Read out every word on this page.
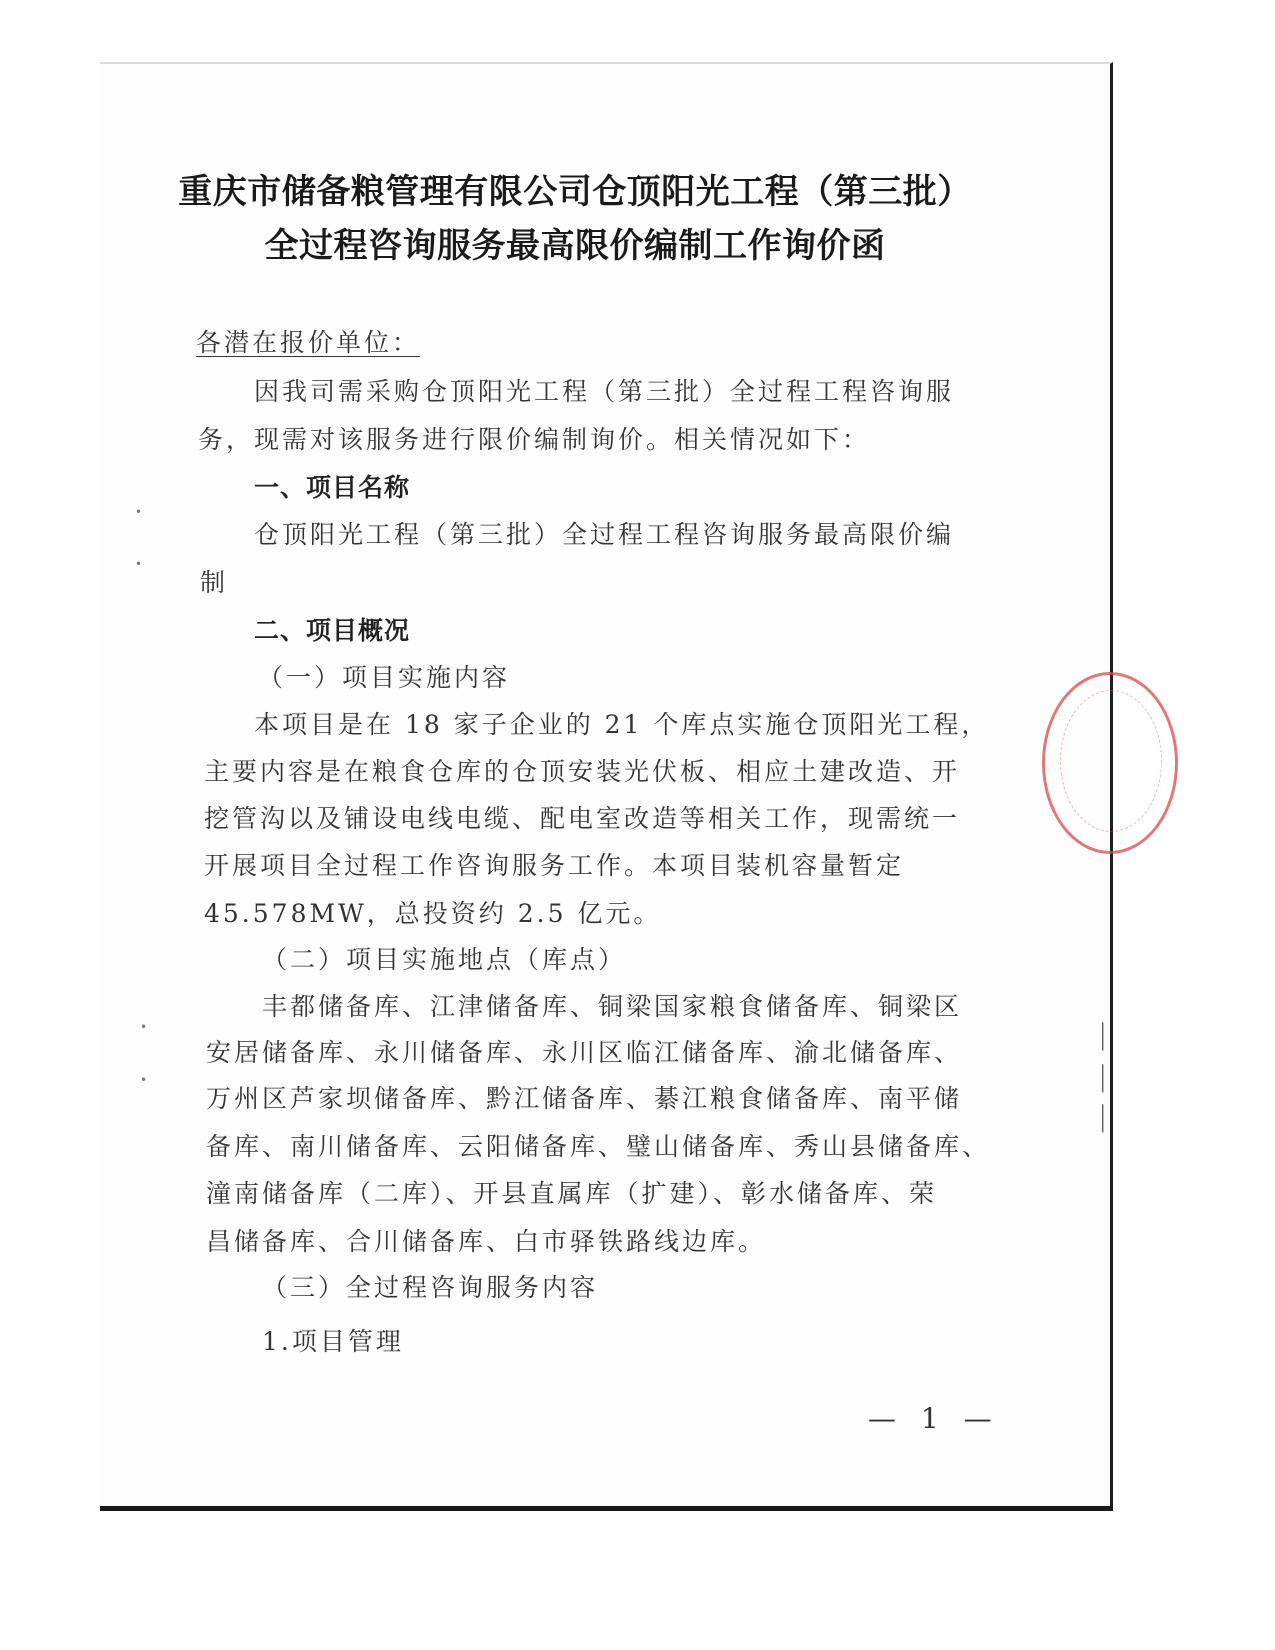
•
•
•
•
|
|
|
重庆市储备粮管理有限公司仓顶阳光工程（第三批）
全过程咨询服务最高限价编制工作询价函
各潜在报价单位：
因我司需采购仓顶阳光工程（第三批）全过程工程咨询服
务，现需对该服务进行限价编制询价。相关情况如下：
一、项目名称
仓顶阳光工程（第三批）全过程工程咨询服务最高限价编
制
二、项目概况
（一）项目实施内容
本项目是在 18 家子企业的 21 个库点实施仓顶阳光工程，
主要内容是在粮食仓库的仓顶安装光伏板、相应土建改造、开
挖管沟以及铺设电线电缆、配电室改造等相关工作，现需统一
开展项目全过程工作咨询服务工作。本项目装机容量暂定
45.578MW，总投资约 2.5 亿元。
（二）项目实施地点（库点）
丰都储备库、江津储备库、铜梁国家粮食储备库、铜梁区
安居储备库、永川储备库、永川区临江储备库、渝北储备库、
万州区芦家坝储备库、黔江储备库、綦江粮食储备库、南平储
备库、南川储备库、云阳储备库、璧山储备库、秀山县储备库、
潼南储备库（二库）、开县直属库（扩建）、彰水储备库、荣
昌储备库、合川储备库、白市驿铁路线边库。
（三）全过程咨询服务内容
1.项目管理
— 1 —
